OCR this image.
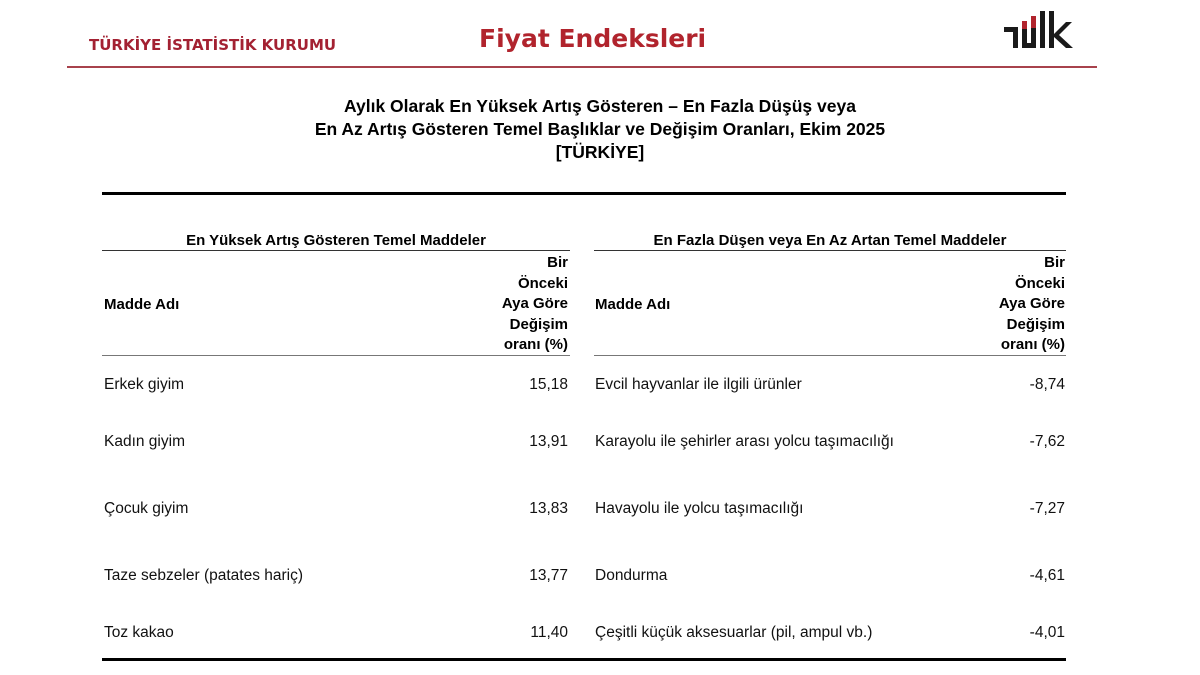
TÜRKİYE İSTATİSTİK KURUMU	Fiyat Endeksleri
Aylık Olarak En Yüksek Artış Gösteren – En Fazla Düşüş veya
En Az Artış Gösteren Temel Başlıklar ve Değişim Oranları, Ekim 2025
[TÜRKİYE]
En Yüksek Artış Gösteren Temel Maddeler
Madde Adı
Bir
Önceki
Aya Göre
Değişim
oranı (%)
Erkek giyim	15,18
Kadın giyim	13,91
Çocuk giyim	13,83
Taze sebzeler (patates hariç)	13,77
Toz kakao	11,40
En Fazla Düşen veya En Az Artan Temel Maddeler
Madde Adı
Bir
Önceki
Aya Göre
Değişim
oranı (%)
Evcil hayvanlar ile ilgili ürünler	-8,74
Karayolu ile şehirler arası yolcu taşımacılığı	-7,62
Havayolu ile yolcu taşımacılığı	-7,27
Dondurma	-4,61
Çeşitli küçük aksesuarlar (pil, ampul vb.)	-4,01
